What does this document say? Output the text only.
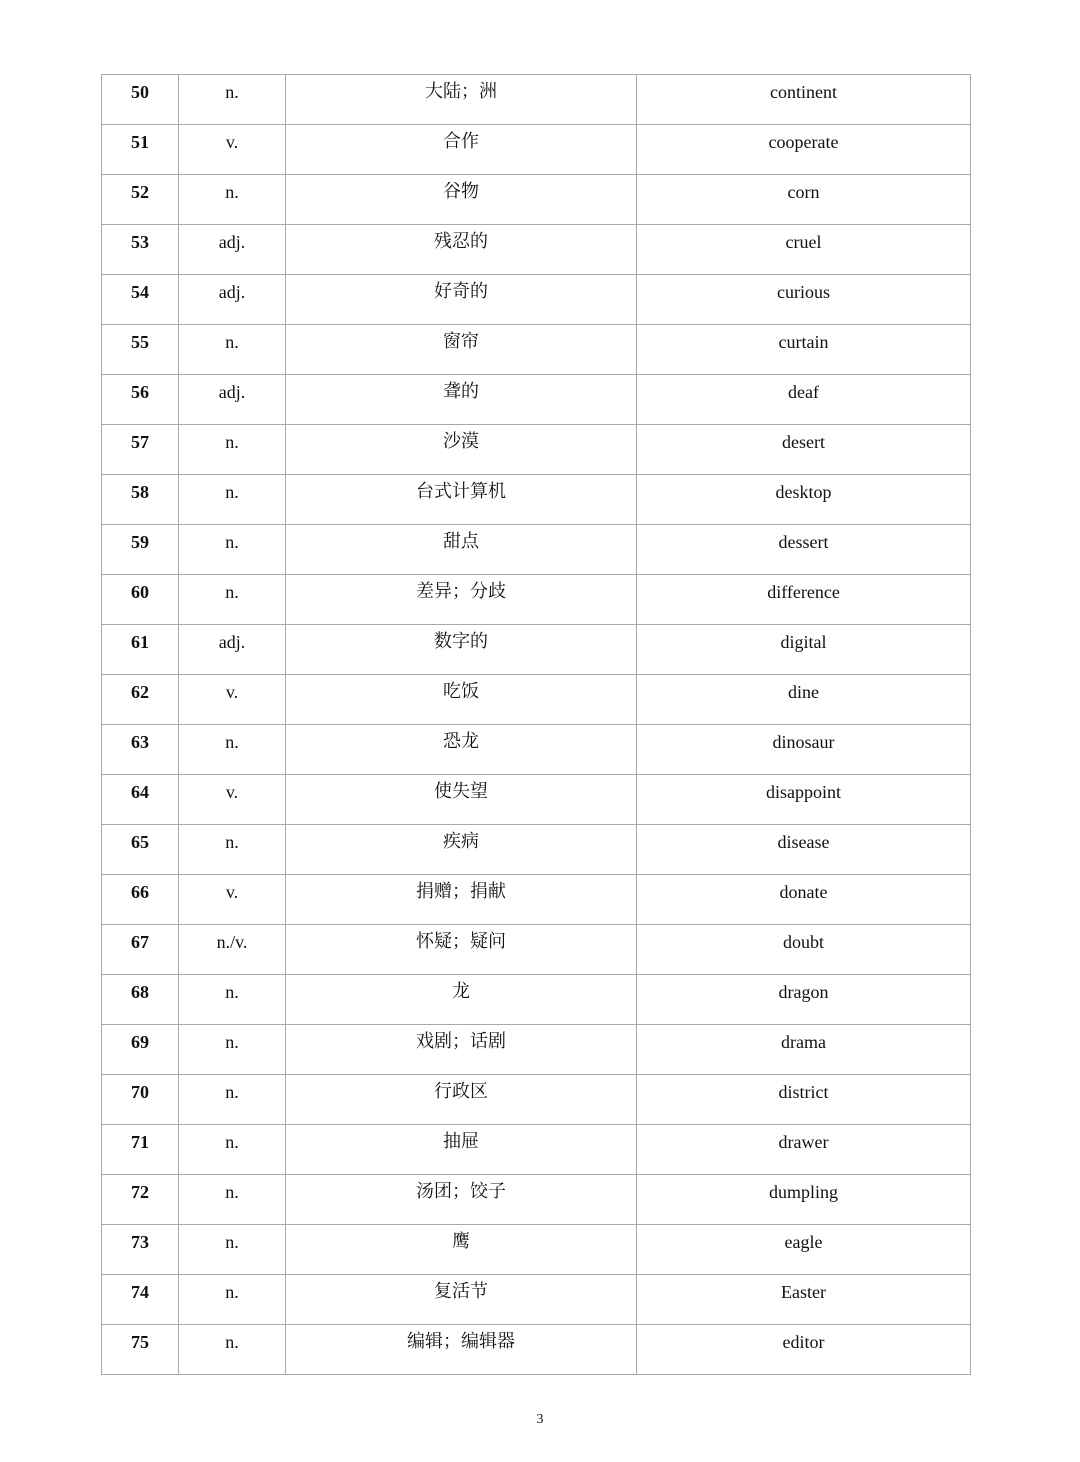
50	n.	大陆；洲	continent
51	v.	合作	cooperate
52	n.	谷物	corn
53	adj.	残忍的	cruel
54	adj.	好奇的	curious
55	n.	窗帘	curtain
56	adj.	聋的	deaf
57	n.	沙漠	desert
58	n.	台式计算机	desktop
59	n.	甜点	dessert
60	n.	差异；分歧	difference
61	adj.	数字的	digital
62	v.	吃饭	dine
63	n.	恐龙	dinosaur
64	v.	使失望	disappoint
65	n.	疾病	disease
66	v.	捐赠；捐献	donate
67	n./v.	怀疑；疑问	doubt
68	n.	龙	dragon
69	n.	戏剧；话剧	drama
70	n.	行政区	district
71	n.	抽屉	drawer
72	n.	汤团；饺子	dumpling
73	n.	鹰	eagle
74	n.	复活节	Easter
75	n.	编辑；编辑器	editor
3
